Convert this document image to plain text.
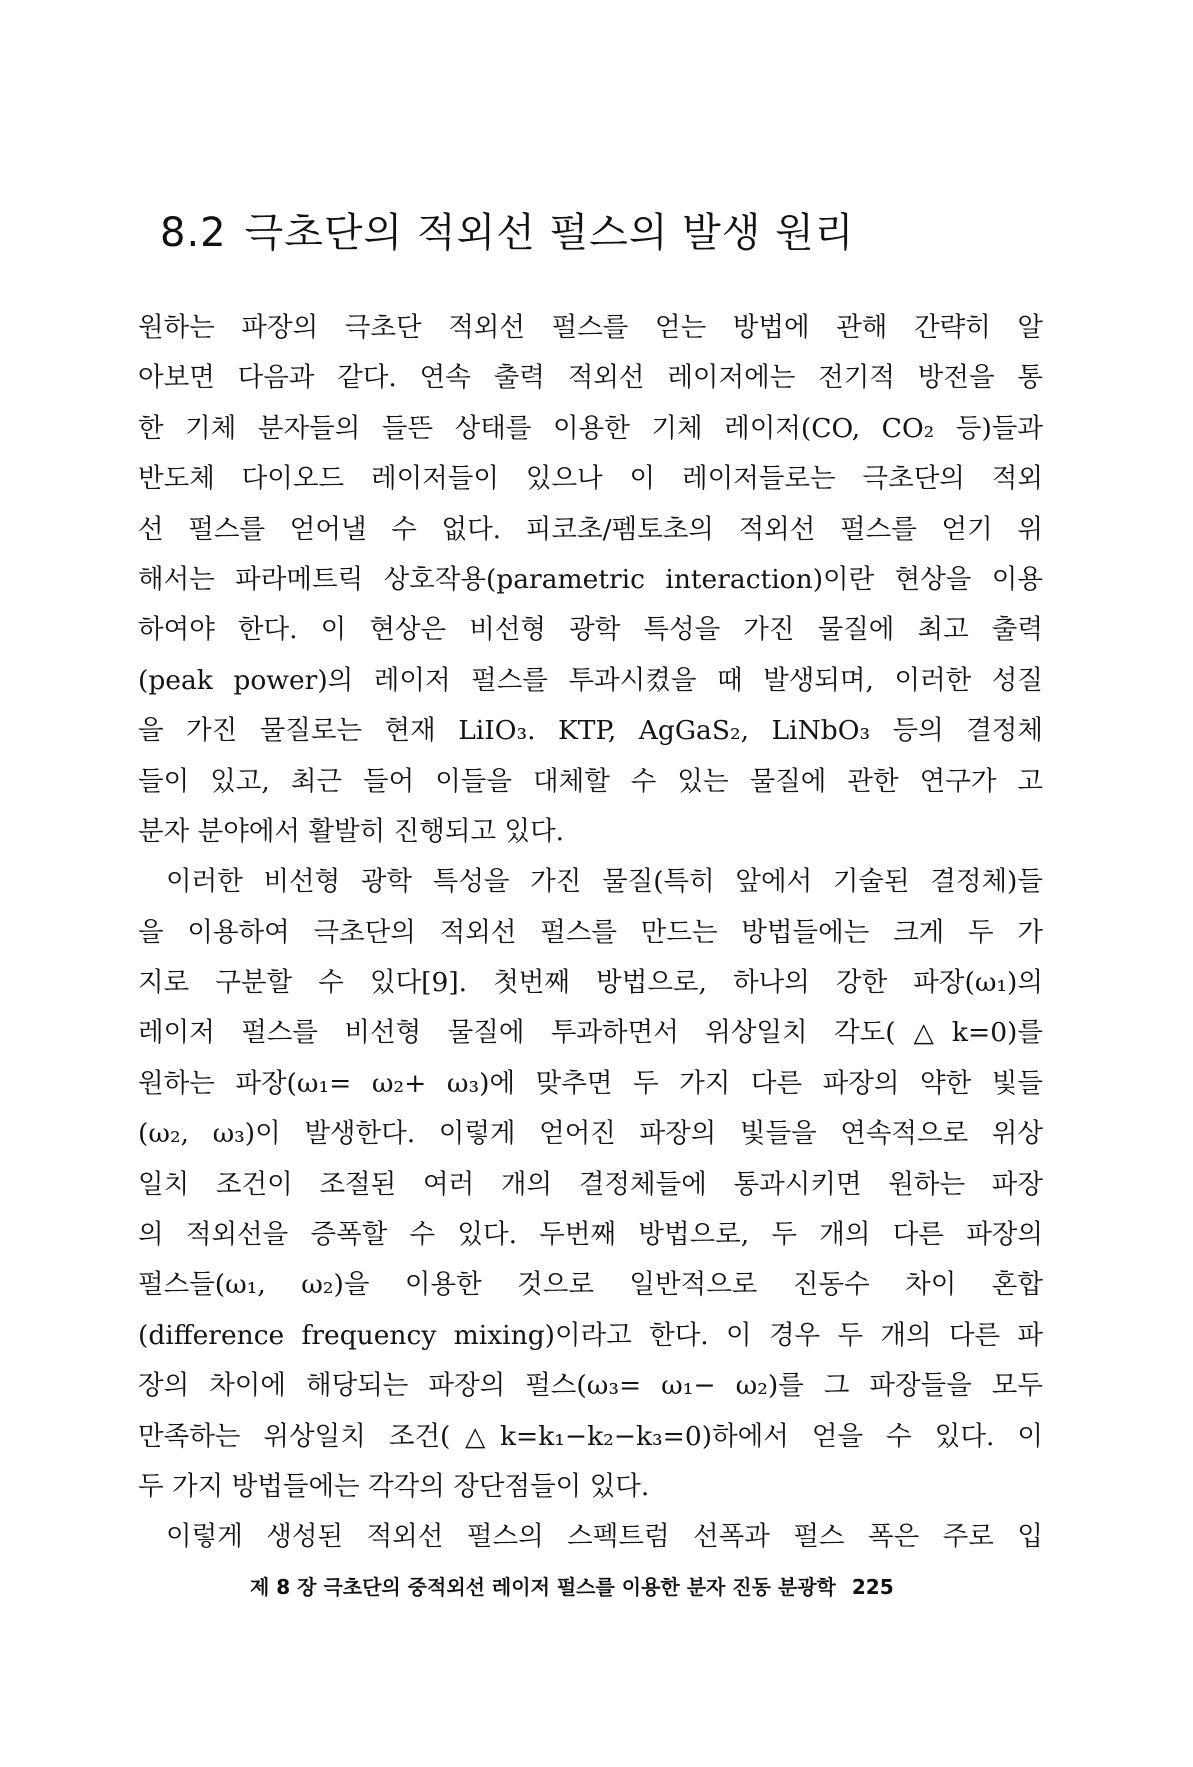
8.2 극초단의 적외선 펄스의 발생 원리
원하는 파장의 극초단 적외선 펄스를 얻는 방법에 관해 간략히 알
아보면 다음과 같다. 연속 출력 적외선 레이저에는 전기적 방전을 통
한 기체 분자들의 들뜬 상태를 이용한 기체 레이저(CO, CO₂ 등)들과
반도체 다이오드 레이저들이 있으나 이 레이저들로는 극초단의 적외
선 펄스를 얻어낼 수 없다. 피코초/펨토초의 적외선 펄스를 얻기 위
해서는 파라메트릭 상호작용(parametric interaction)이란 현상을 이용
하여야 한다. 이 현상은 비선형 광학 특성을 가진 물질에 최고 출력
(peak power)의 레이저 펄스를 투과시켰을 때 발생되며, 이러한 성질
을 가진 물질로는 현재 LiIO₃. KTP, AgGaS₂, LiNbO₃ 등의 결정체
들이 있고, 최근 들어 이들을 대체할 수 있는 물질에 관한 연구가 고
분자 분야에서 활발히 진행되고 있다.
이러한 비선형 광학 특성을 가진 물질(특히 앞에서 기술된 결정체)들
을 이용하여 극초단의 적외선 펄스를 만드는 방법들에는 크게 두 가
지로 구분할 수 있다[9]. 첫번째 방법으로, 하나의 강한 파장(ω₁)의
레이저 펄스를 비선형 물질에 투과하면서 위상일치 각도(△k=0)를
원하는 파장(ω₁= ω₂+ ω₃)에 맞추면 두 가지 다른 파장의 약한 빛들
(ω₂, ω₃)이 발생한다. 이렇게 얻어진 파장의 빛들을 연속적으로 위상
일치 조건이 조절된 여러 개의 결정체들에 통과시키면 원하는 파장
의 적외선을 증폭할 수 있다. 두번째 방법으로, 두 개의 다른 파장의
펄스들(ω₁, ω₂)을 이용한 것으로 일반적으로 진동수 차이 혼합
(difference frequency mixing)이라고 한다. 이 경우 두 개의 다른 파
장의 차이에 해당되는 파장의 펄스(ω₃= ω₁− ω₂)를 그 파장들을 모두
만족하는 위상일치 조건(△k=k₁−k₂−k₃=0)하에서 얻을 수 있다. 이
두 가지 방법들에는 각각의 장단점들이 있다.
이렇게 생성된 적외선 펄스의 스펙트럼 선폭과 펄스 폭은 주로 입
제 8 장 극초단의 중적외선 레이저 펄스를 이용한 분자 진동 분광학 225
